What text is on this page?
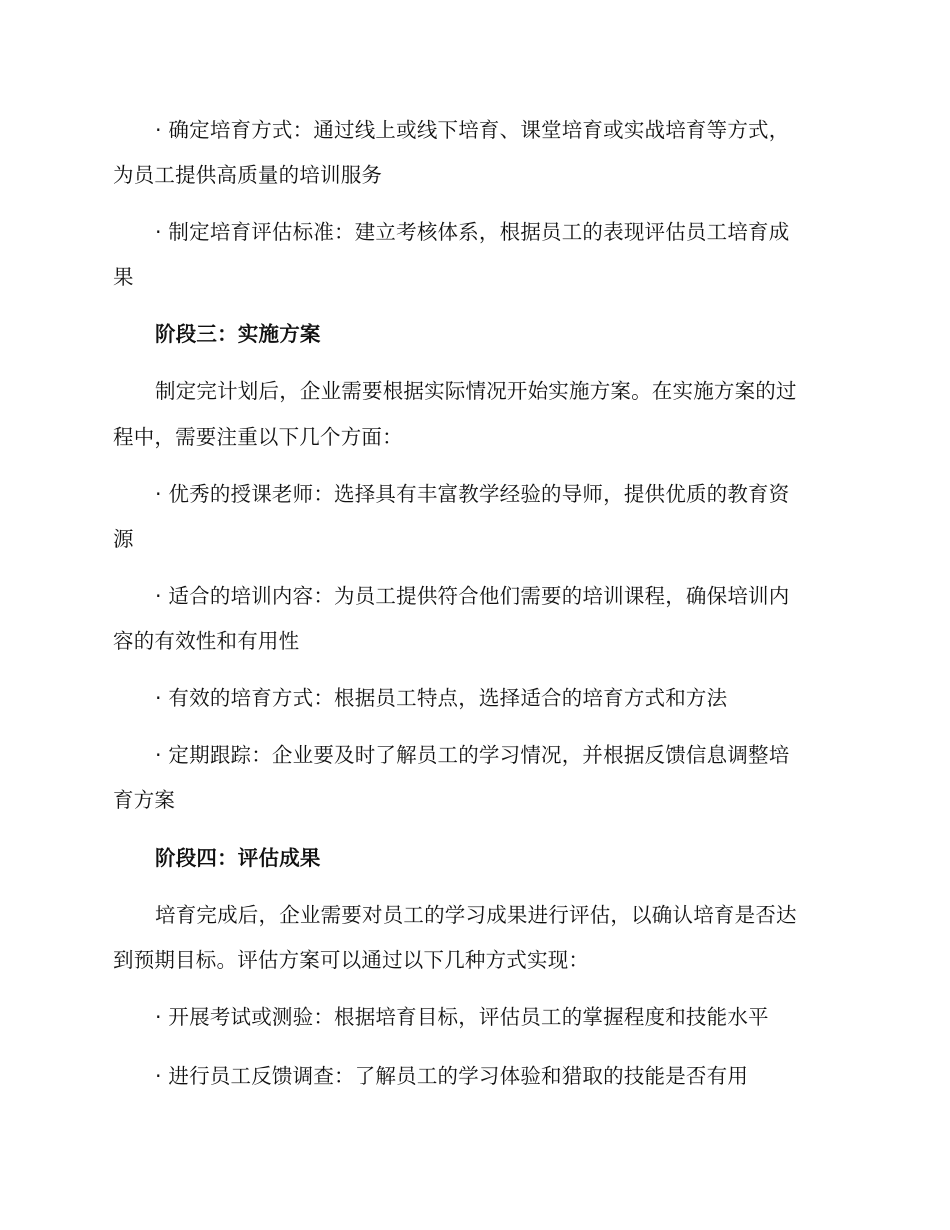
· 确定培育方式：通过线上或线下培育、课堂培育或实战培育等方式，
为员工提供高质量的培训服务
· 制定培育评估标准：建立考核体系，根据员工的表现评估员工培育成
果
阶段三：实施方案
制定完计划后，企业需要根据实际情况开始实施方案。在实施方案的过
程中，需要注重以下几个方面：
· 优秀的授课老师：选择具有丰富教学经验的导师，提供优质的教育资
源
· 适合的培训内容：为员工提供符合他们需要的培训课程，确保培训内
容的有效性和有用性
· 有效的培育方式：根据员工特点，选择适合的培育方式和方法
· 定期跟踪：企业要及时了解员工的学习情况，并根据反馈信息调整培
育方案
阶段四：评估成果
培育完成后，企业需要对员工的学习成果进行评估，以确认培育是否达
到预期目标。评估方案可以通过以下几种方式实现：
· 开展考试或测验：根据培育目标，评估员工的掌握程度和技能水平
· 进行员工反馈调查：了解员工的学习体验和猎取的技能是否有用
